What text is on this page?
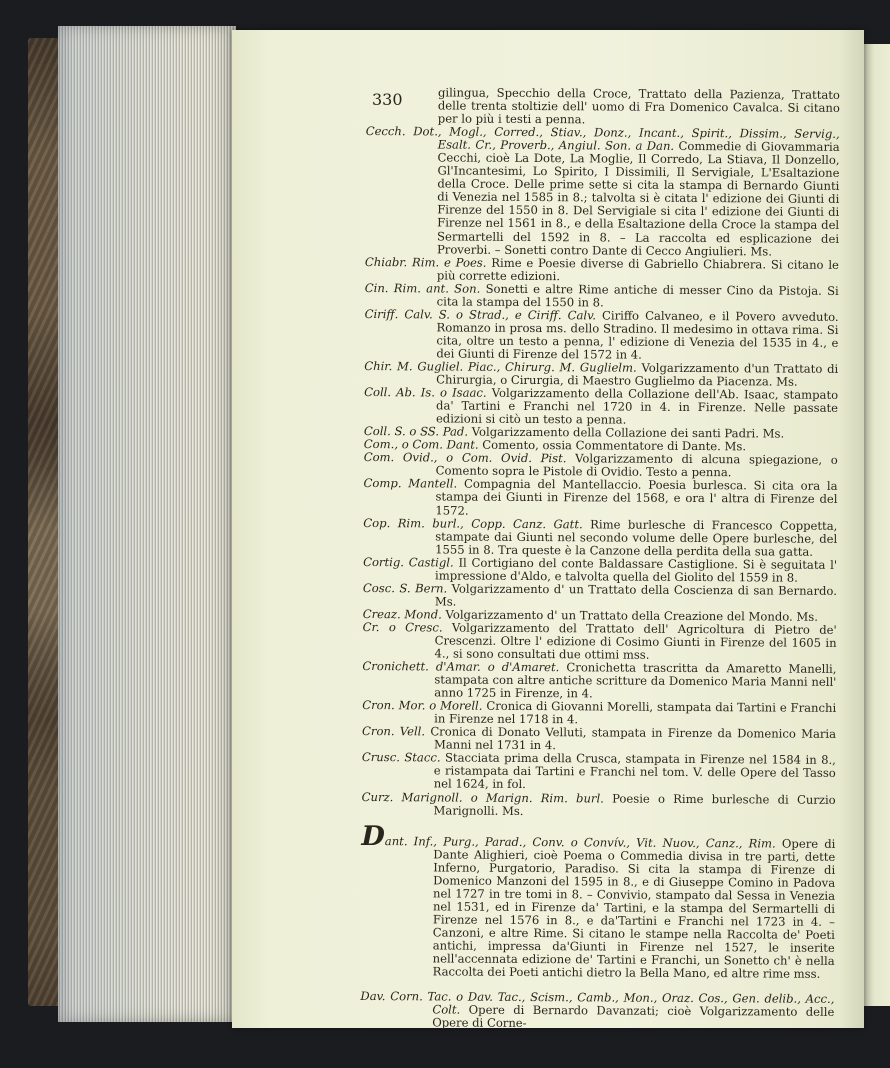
330	gilingua, Specchio della Croce, Trattato della Pazienza, Trattato delle trenta stoltizie dell' uomo di Fra Domenico Cavalca. Si citano per lo più i testi a penna.

Cecch. Dot., Mogl., Corred., Stiav., Donz., Incant., Spirit., Dissim., Servig., Esalt. Cr., Proverb., Angiul. Son. a Dan. Commedie di Giovammaria Cecchi, cioè La Dote, La Moglie, Il Corredo, La Stiava, Il Donzello, Gl'Incantesimi, Lo Spirito, I Dissimili, Il Servigiale, L'Esaltazione della Croce. Delle prime sette si cita la stampa di Bernardo Giunti di Venezia nel 1585 in 8.; talvolta si è citata l' edizione dei Giunti di Firenze del 1550 in 8. Del Servigiale si cita l' edizione dei Giunti di Firenze nel 1561 in 8., e della Esaltazione della Croce la stampa del Sermartelli del 1592 in 8. – La raccolta ed esplicazione dei Proverbi. – Sonetti contro Dante di Cecco Angiulieri. Ms.

Chiabr. Rim. e Poes. Rime e Poesie diverse di Gabriello Chiabrera. Si citano le più corrette edizioni.

Cin. Rim. ant. Son. Sonetti e altre Rime antiche di messer Cino da Pistoja. Si cita la stampa del 1550 in 8.

Ciriff. Calv. S. o Strad., e Ciriff. Calv. Ciriffo Calvaneo, e il Povero avveduto. Romanzo in prosa ms. dello Stradino. Il medesimo in ottava rima. Si cita, oltre un testo a penna, l' edizione di Venezia del 1535 in 4., e dei Giunti di Firenze del 1572 in 4.

Chir. M. Gugliel. Piac., Chirurg. M. Guglielm. Volgarizzamento d'un Trattato di Chirurgia, o Cirurgia, di Maestro Guglielmo da Piacenza. Ms.

Coll. Ab. Is. o Isaac. Volgarizzamento della Collazione dell'Ab. Isaac, stampato da' Tartini e Franchi nel 1720 in 4. in Firenze. Nelle passate edizioni si citò un testo a penna.

Coll. S. o SS. Pad. Volgarizzamento della Collazione dei santi Padri. Ms.

Com., o Com. Dant. Comento, ossia Commentatore di Dante. Ms.

Com. Ovid., o Com. Ovid. Pist. Volgarizzamento di alcuna spiegazione, o Comento sopra le Pistole di Ovidio. Testo a penna.

Comp. Mantell. Compagnia del Mantellaccio. Poesia burlesca. Si cita ora la stampa dei Giunti in Firenze del 1568, e ora l' altra di Firenze del 1572.

Cop. Rim. burl., Copp. Canz. Gatt. Rime burlesche di Francesco Coppetta, stampate dai Giunti nel secondo volume delle Opere burlesche, del 1555 in 8. Tra queste è la Canzone della perdita della sua gatta.

Cortig. Castigl. Il Cortigiano del conte Baldassare Castiglione. Si è seguitata l' impressione d'Aldo, e talvolta quella del Giolito del 1559 in 8.

Cosc. S. Bern. Volgarizzamento d' un Trattato della Coscienza di san Bernardo. Ms.

Creaz. Mond. Volgarizzamento d' un Trattato della Creazione del Mondo. Ms.

Cr. o Cresc. Volgarizzamento del Trattato dell' Agricoltura di Pietro de' Crescenzi. Oltre l' edizione di Cosimo Giunti in Firenze del 1605 in 4., si sono consultati due ottimi mss.

Cronichett. d'Amar. o d'Amaret. Cronichetta trascritta da Amaretto Manelli, stampata con altre antiche scritture da Domenico Maria Manni nell' anno 1725 in Firenze, in 4.

Cron. Mor. o Morell. Cronica di Giovanni Morelli, stampata dai Tartini e Franchi in Firenze nel 1718 in 4.

Cron. Vell. Cronica di Donato Velluti, stampata in Firenze da Domenico Maria Manni nel 1731 in 4.

Crusc. Stacc. Stacciata prima della Crusca, stampata in Firenze nel 1584 in 8., e ristampata dai Tartini e Franchi nel tom. V. delle Opere del Tasso nel 1624, in fol.

Curz. Marignoll. o Marign. Rim. burl. Poesie o Rime burlesche di Curzio Marignolli. Ms.

Dant. Inf., Purg., Parad., Conv. o Convív., Vit. Nuov., Canz., Rim. Opere di Dante Alighieri, cioè Poema o Commedia divisa in tre parti, dette Inferno, Purgatorio, Paradiso. Si cita la stampa di Firenze di Domenico Manzoni del 1595 in 8., e di Giuseppe Comino in Padova nel 1727 in tre tomi in 8. – Convivio, stampato dal Sessa in Venezia nel 1531, ed in Firenze da' Tartini, e la stampa del Sermartelli di Firenze nel 1576 in 8., e da'Tartini e Franchi nel 1723 in 4. – Canzoni, e altre Rime. Si citano le stampe nella Raccolta de' Poeti antichi, impressa da'Giunti in Firenze nel 1527, le inserite nell'accennata edizione de' Tartini e Franchi, un Sonetto ch' è nella Raccolta dei Poeti antichi dietro la Bella Mano, ed altre rime mss.

Dav. Corn. Tac. o Dav. Tac., Scism., Camb., Mon., Oraz. Cos., Gen. delib., Acc., Colt. Opere di Bernardo Davanzati; cioè Volgarizzamento delle Opere di Corne-
